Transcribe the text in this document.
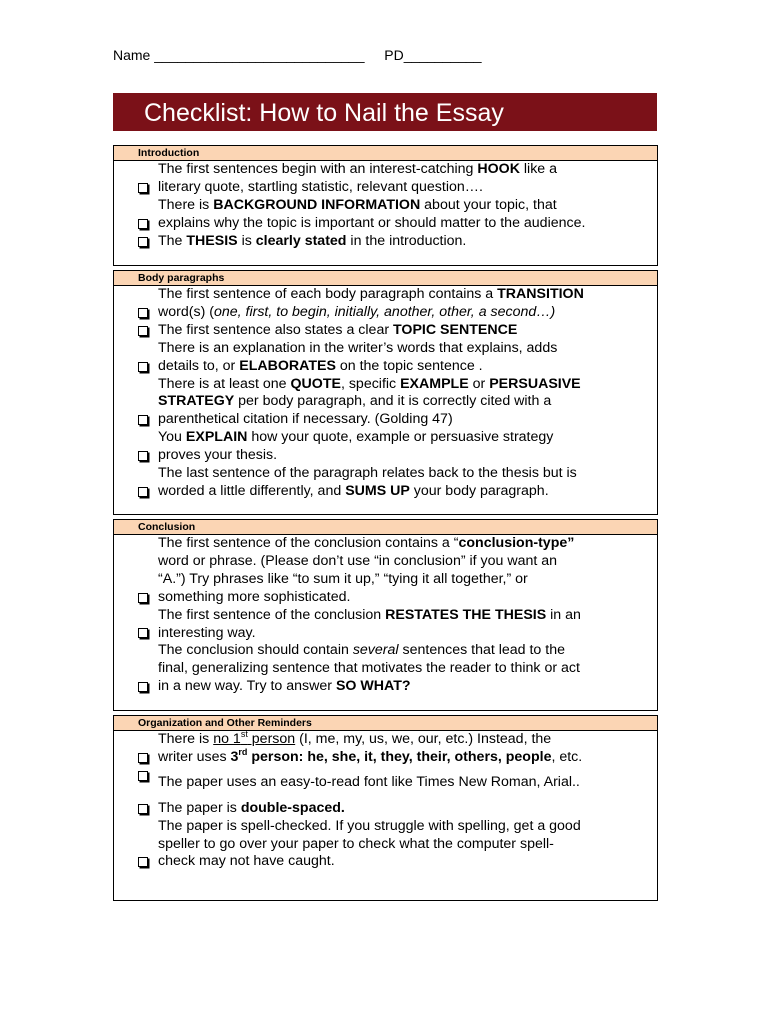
Name ___________________________ PD__________
Checklist: How to Nail the Essay
Introduction
The first sentences begin with an interest-catching HOOK like a
literary quote, startling statistic, relevant question….
There is BACKGROUND INFORMATION about your topic, that
explains why the topic is important or should matter to the audience.
The THESIS is clearly stated in the introduction.
Body paragraphs
The first sentence of each body paragraph contains a TRANSITION
word(s) (one, first, to begin, initially, another, other, a second…)
The first sentence also states a clear TOPIC SENTENCE
There is an explanation in the writer’s words that explains, adds
details to, or ELABORATES on the topic sentence .
There is at least one QUOTE, specific EXAMPLE or PERSUASIVE
STRATEGY per body paragraph, and it is correctly cited with a
parenthetical citation if necessary. (Golding 47)
You EXPLAIN how your quote, example or persuasive strategy
proves your thesis.
The last sentence of the paragraph relates back to the thesis but is
worded a little differently, and SUMS UP your body paragraph.
Conclusion
The first sentence of the conclusion contains a “conclusion-type”
word or phrase. (Please don’t use “in conclusion” if you want an
“A.”) Try phrases like “to sum it up,” “tying it all together,” or
something more sophisticated.
The first sentence of the conclusion RESTATES THE THESIS in an
interesting way.
The conclusion should contain several sentences that lead to the
final, generalizing sentence that motivates the reader to think or act
in a new way. Try to answer SO WHAT?
Organization and Other Reminders
There is no 1st person (I, me, my, us, we, our, etc.) Instead, the
writer uses 3rd person: he, she, it, they, their, others, people, etc.
The paper uses an easy-to-read font like Times New Roman, Arial..
The paper is double-spaced.
The paper is spell-checked. If you struggle with spelling, get a good
speller to go over your paper to check what the computer spell-
check may not have caught.
